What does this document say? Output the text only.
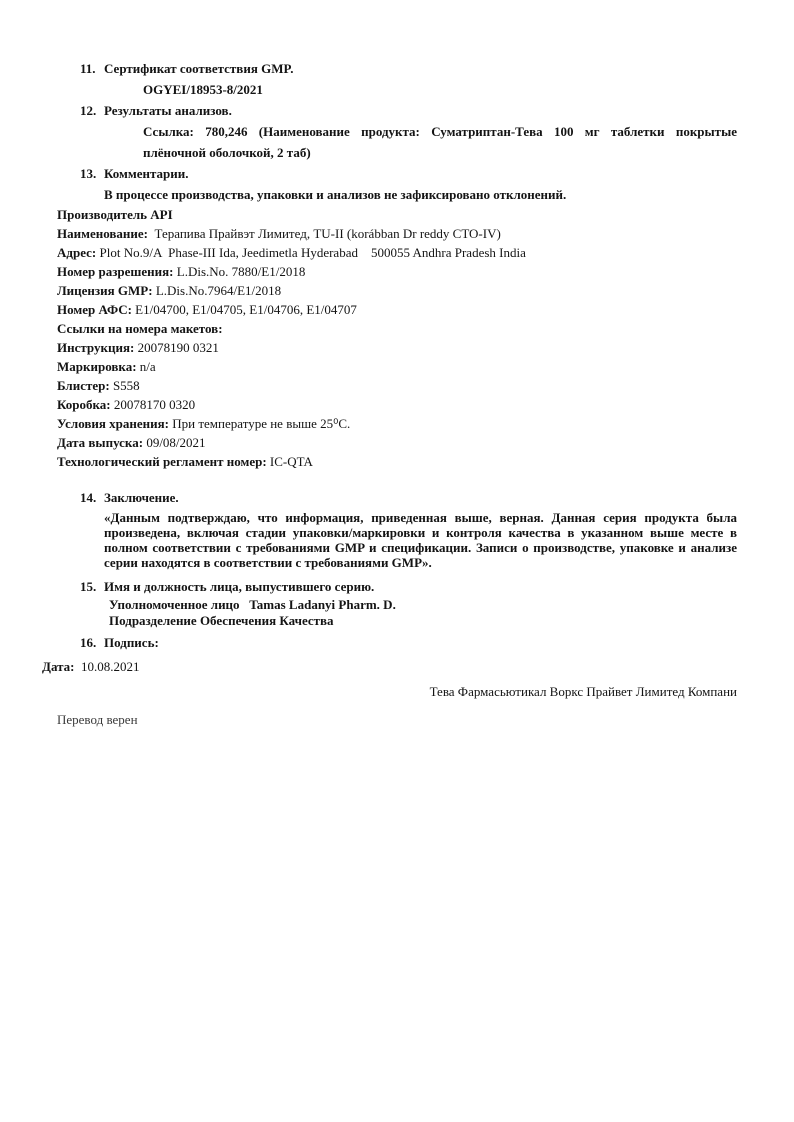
11. Сертификат соответствия GMP.
OGYEI/18953-8/2021
12. Результаты анализов.
Ссылка: 780,246 (Наименование продукта: Суматриптан-Тева 100 мг таблетки покрытые плёночной оболочкой, 2 таб)
13. Комментарии.
В процессе производства, упаковки и анализов не зафиксировано отклонений.
Производитель API
Наименование:  Терапива Прайвэт Лимитед, TU-II (korábban Dr reddy CTO-IV)
Адрес: Plot No.9/A  Phase-III Ida, Jeedimetla Hyderabad    500055 Andhra Pradesh India
Номер разрешения: L.Dis.No. 7880/E1/2018
Лицензия GMP: L.Dis.No.7964/E1/2018
Номер АФС: E1/04700, E1/04705, E1/04706, E1/04707
Ссылки на номера макетов:
Инструкция: 20078190 0321
Маркировка: n/a
Блистер: S558
Коробка: 20078170 0320
Условия хранения: При температуре не выше 25⁰С.
Дата выпуска: 09/08/2021
Технологический регламент номер: IC-QTA
14. Заключение.
«Данным подтверждаю, что информация, приведенная выше, верная. Данная серия продукта была произведена, включая стадии упаковки/маркировки и контроля качества в указанном выше месте в полном соответствии с требованиями GMP и спецификации. Записи о производстве, упаковке и анализе серии находятся в соответствии с требованиями GMP».
15. Имя и должность лица, выпустившего серию.
Уполномоченное лицо   Tamas Ladanyi Pharm. D.
Подразделение Обеспечения Качества
16. Подпись:
Дата:  10.08.2021
Тева Фармасьютикал Воркс Прайвет Лимитед Компани
Перевод верен
